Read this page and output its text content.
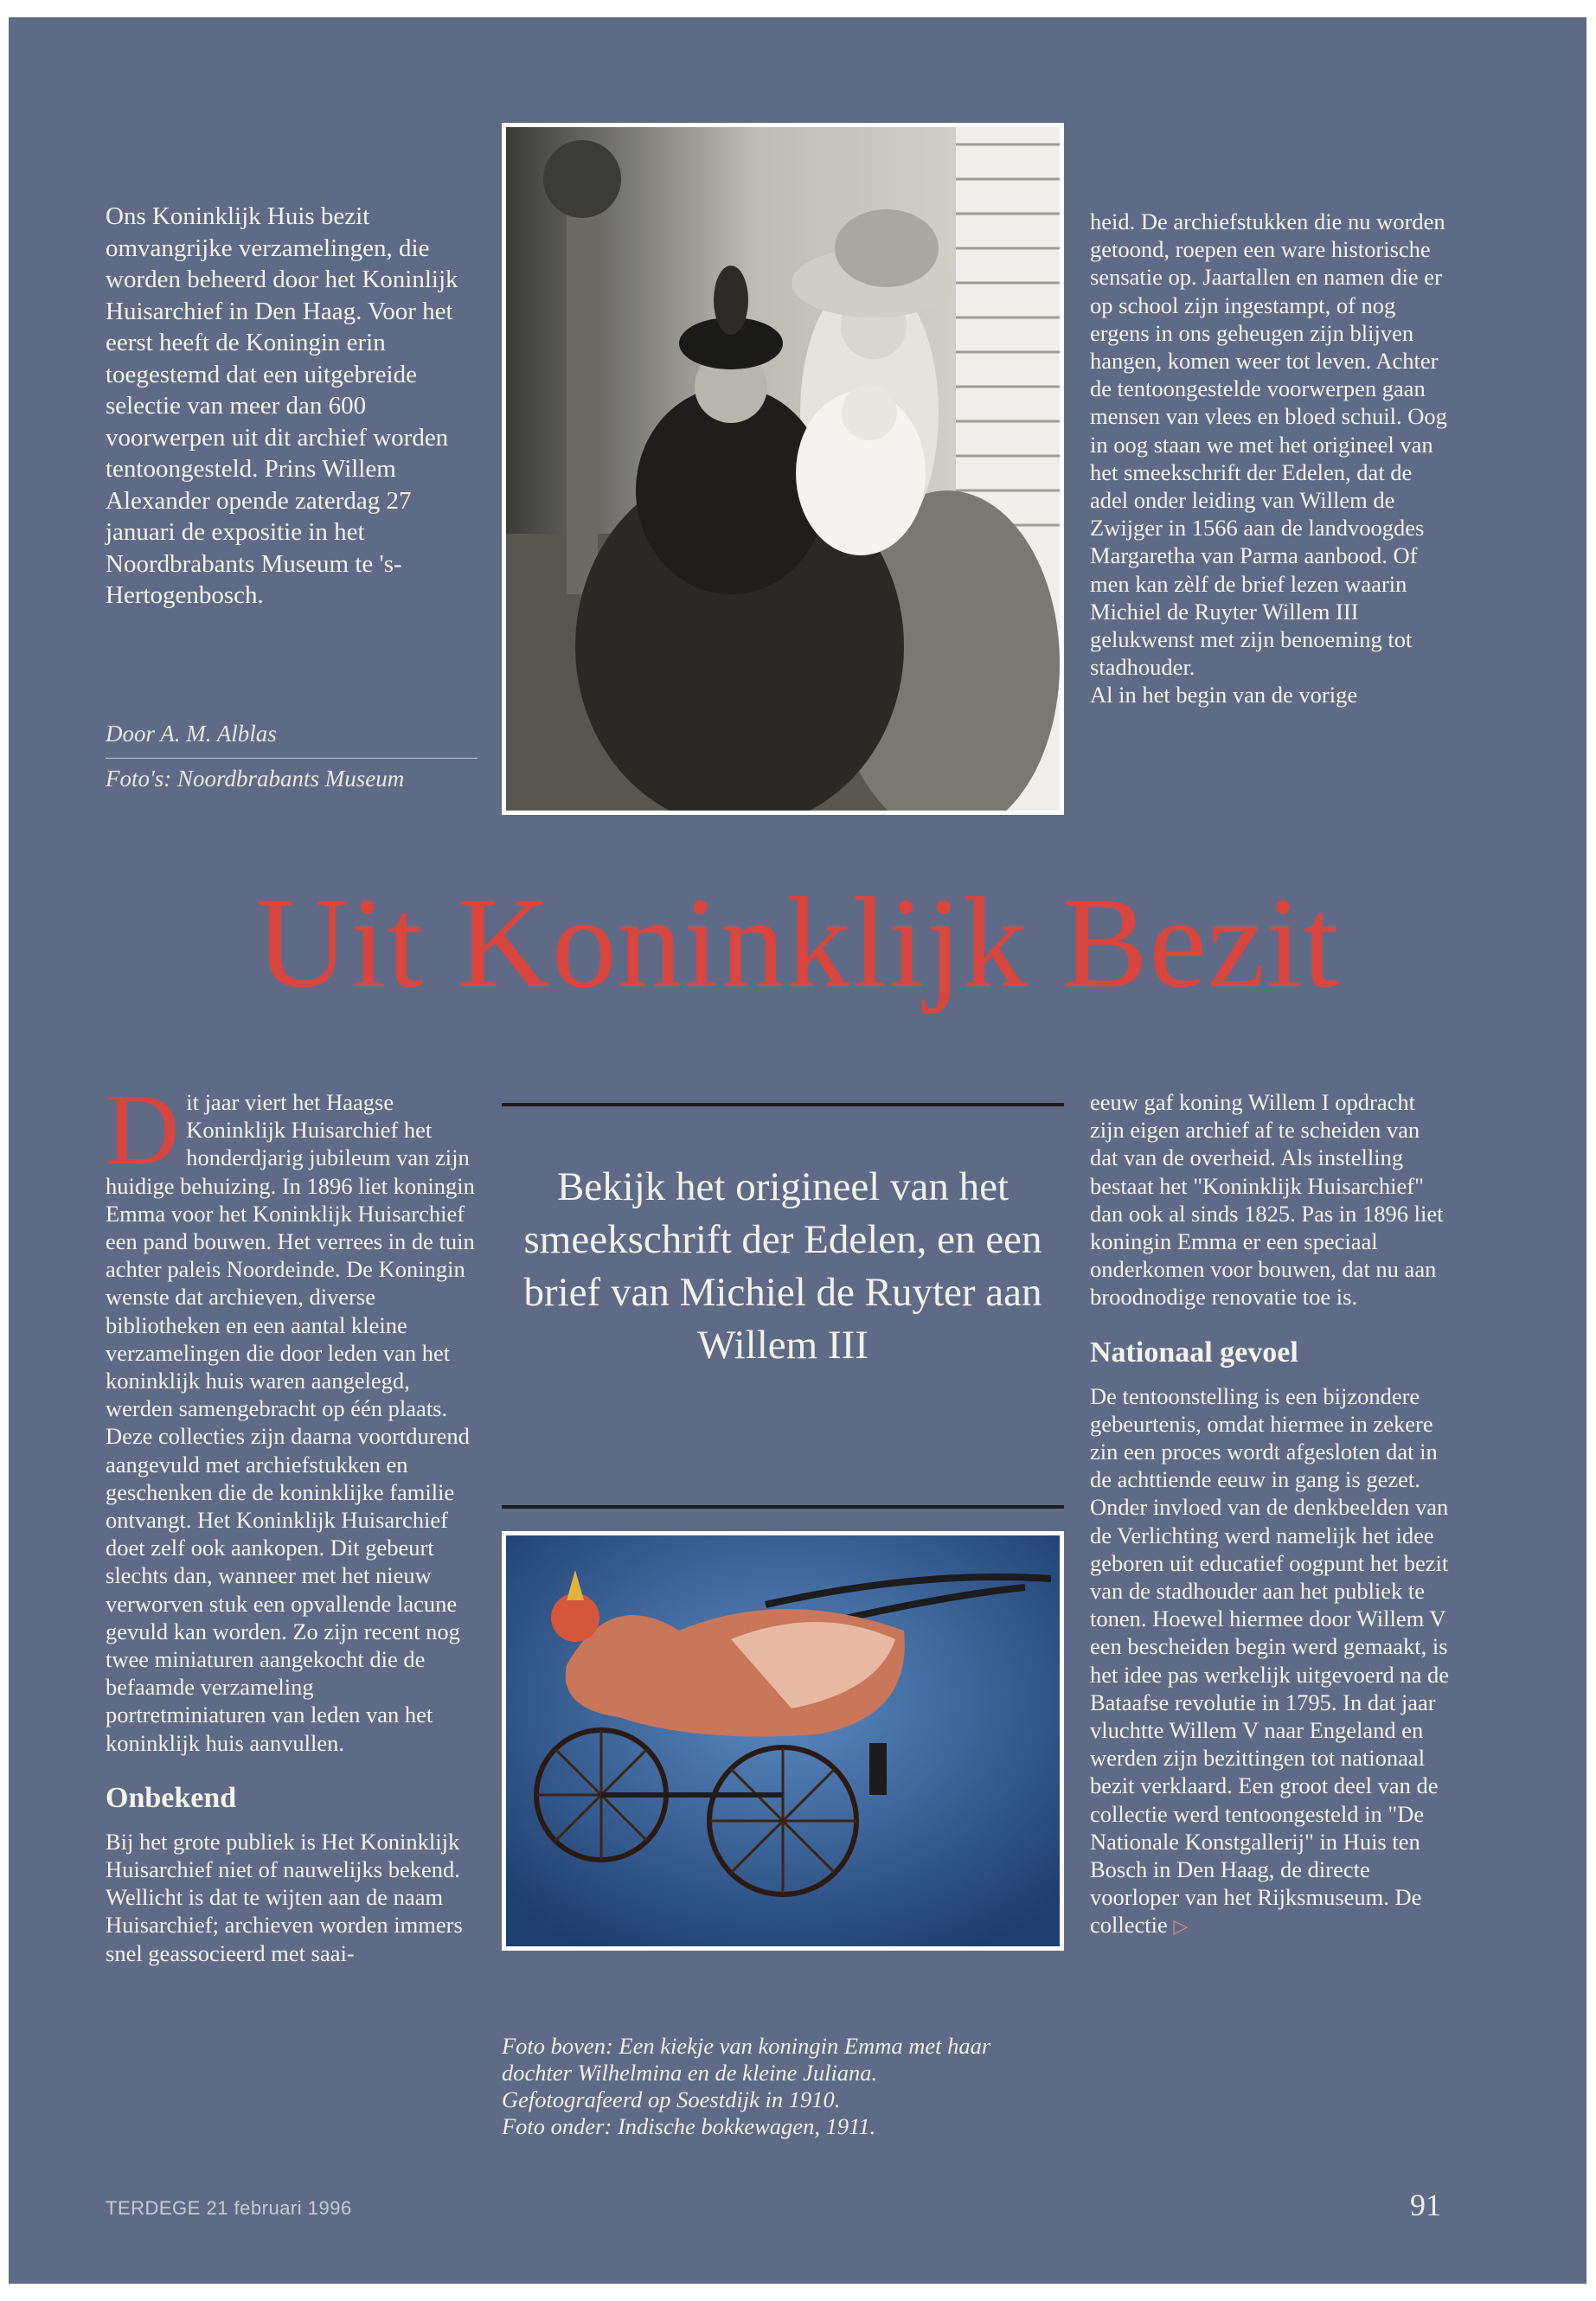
Ons Koninklijk Huis bezit omvangrijke verzamelingen, die worden beheerd door het Koninlijk Huisarchief in Den Haag. Voor het eerst heeft de Koningin erin toegestemd dat een uitgebreide selectie van meer dan 600 voorwerpen uit dit archief worden tentoongesteld. Prins Willem Alexander opende zaterdag 27 januari de expositie in het Noordbrabants Museum te 's-Hertogenbosch.
Door A. M. Alblas
Foto's: Noordbrabants Museum

heid. De archiefstukken die nu worden getoond, roepen een ware historische sensatie op. Jaartallen en namen die er op school zijn ingestampt, of nog ergens in ons geheugen zijn blijven hangen, komen weer tot leven. Achter de tentoongestelde voorwerpen gaan mensen van vlees en bloed schuil. Oog in oog staan we met het origineel van het smeekschrift der Edelen, dat de adel onder leiding van Willem de Zwijger in 1566 aan de landvoogdes Margaretha van Parma aanbood. Of men kan zèlf de brief lezen waarin Michiel de Ruyter Willem III gelukwenst met zijn benoeming tot stadhouder.

Al in het begin van de vorige

Uit Koninklijk Bezit

Dit jaar viert het Haagse Koninklijk Huisarchief het honderdjarig jubileum van zijn huidige behuizing. In 1896 liet koningin Emma voor het Koninklijk Huisarchief een pand bouwen. Het verrees in de tuin achter paleis Noordeinde. De Koningin wenste dat archieven, diverse bibliotheken en een aantal kleine verzamelingen die door leden van het koninklijk huis waren aangelegd, werden samengebracht op één plaats. Deze collecties zijn daarna voortdurend aangevuld met archiefstukken en geschenken die de koninklijke familie ontvangt. Het Koninklijk Huisarchief doet zelf ook aankopen. Dit gebeurt slechts dan, wanneer met het nieuw verworven stuk een opvallende lacune gevuld kan worden. Zo zijn recent nog twee miniaturen aangekocht die de befaamde verzameling portretminiaturen van leden van het koninklijk huis aanvullen.

Onbekend

Bij het grote publiek is Het Koninklijk Huisarchief niet of nauwelijks bekend. Wellicht is dat te wijten aan de naam Huisarchief; archieven worden immers snel geassocieerd met saai-

Bekijk het origineel van het smeekschrift der Edelen, en een brief van Michiel de Ruyter aan Willem III
Foto boven: Een kiekje van koningin Emma met haar dochter Wilhelmina en de kleine Juliana.
Gefotografeerd op Soestdijk in 1910.
Foto onder: Indische bokkewagen, 1911.

eeuw gaf koning Willem I opdracht zijn eigen archief af te scheiden van dat van de overheid. Als instelling bestaat het "Koninklijk Huisarchief" dan ook al sinds 1825. Pas in 1896 liet koningin Emma er een speciaal onderkomen voor bouwen, dat nu aan broodnodige renovatie toe is.

Nationaal gevoel

De tentoonstelling is een bijzondere gebeurtenis, omdat hiermee in zekere zin een proces wordt afgesloten dat in de achttiende eeuw in gang is gezet. Onder invloed van de denkbeelden van de Verlichting werd namelijk het idee geboren uit educatief oogpunt het bezit van de stadhouder aan het publiek te tonen. Hoewel hiermee door Willem V een bescheiden begin werd gemaakt, is het idee pas werkelijk uitgevoerd na de Bataafse revolutie in 1795. In dat jaar vluchtte Willem V naar Engeland en werden zijn bezittingen tot nationaal bezit verklaard. Een groot deel van de collectie werd tentoongesteld in "De Nationale Konstgallerij" in Huis ten Bosch in Den Haag, de directe voorloper van het Rijksmuseum. De collectie ▷

TERDEGE 21 februari 1996	91
